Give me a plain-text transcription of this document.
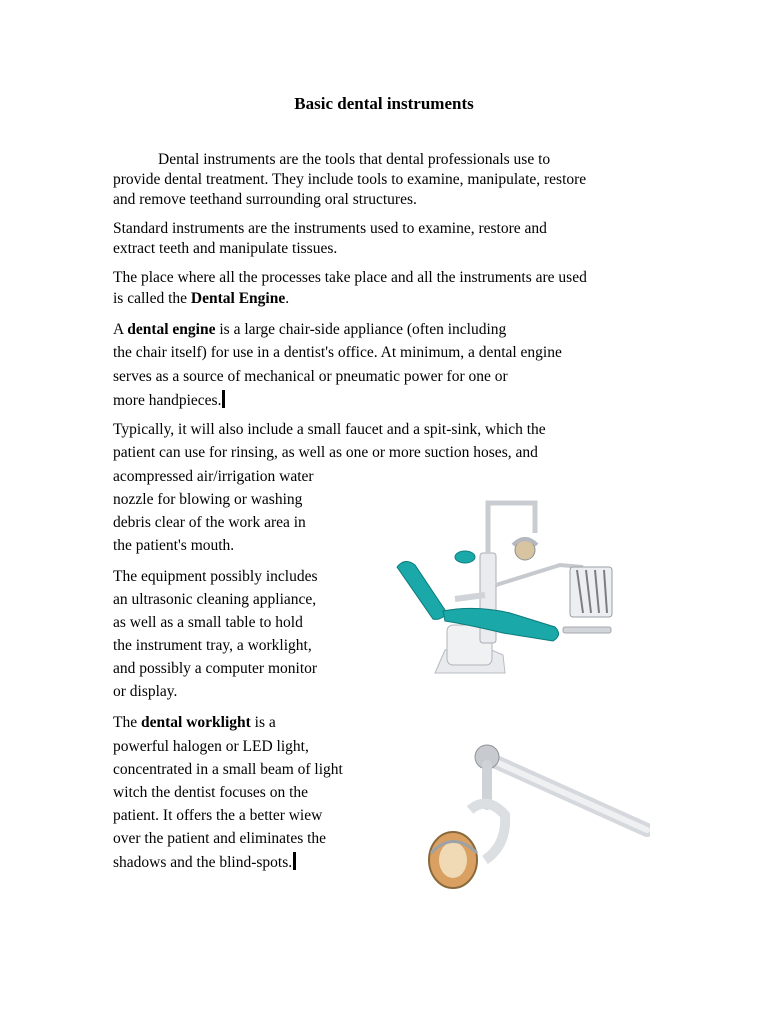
Basic dental instruments
Dental instruments are the tools that dental professionals use to
provide dental treatment. They include tools to examine, manipulate, restore
and remove teethand surrounding oral structures.
Standard instruments are the instruments used to examine, restore and
extract teeth and manipulate tissues.
The place where all the processes take place and all the instruments are used
is called the Dental Engine.
A dental engine is a large chair-side appliance (often including
the chair itself) for use in a dentist's office. At minimum, a dental engine
serves as a source of mechanical or pneumatic power for one or
more handpieces.
Typically, it will also include a small faucet and a spit-sink, which the
patient can use for rinsing, as well as one or more suction hoses, and
acompressed air/irrigation water
nozzle for blowing or washing
debris clear of the work area in
the patient's mouth.
The equipment possibly includes
an ultrasonic cleaning appliance,
as well as a small table to hold
the instrument tray, a worklight,
and possibly a computer monitor
or display.
The dental worklight is a
powerful halogen or LED light,
concentrated in a small beam of light
witch the dentist focuses on the
patient. It offers the a better wiew
over the patient and eliminates the
shadows and the blind-spots.
